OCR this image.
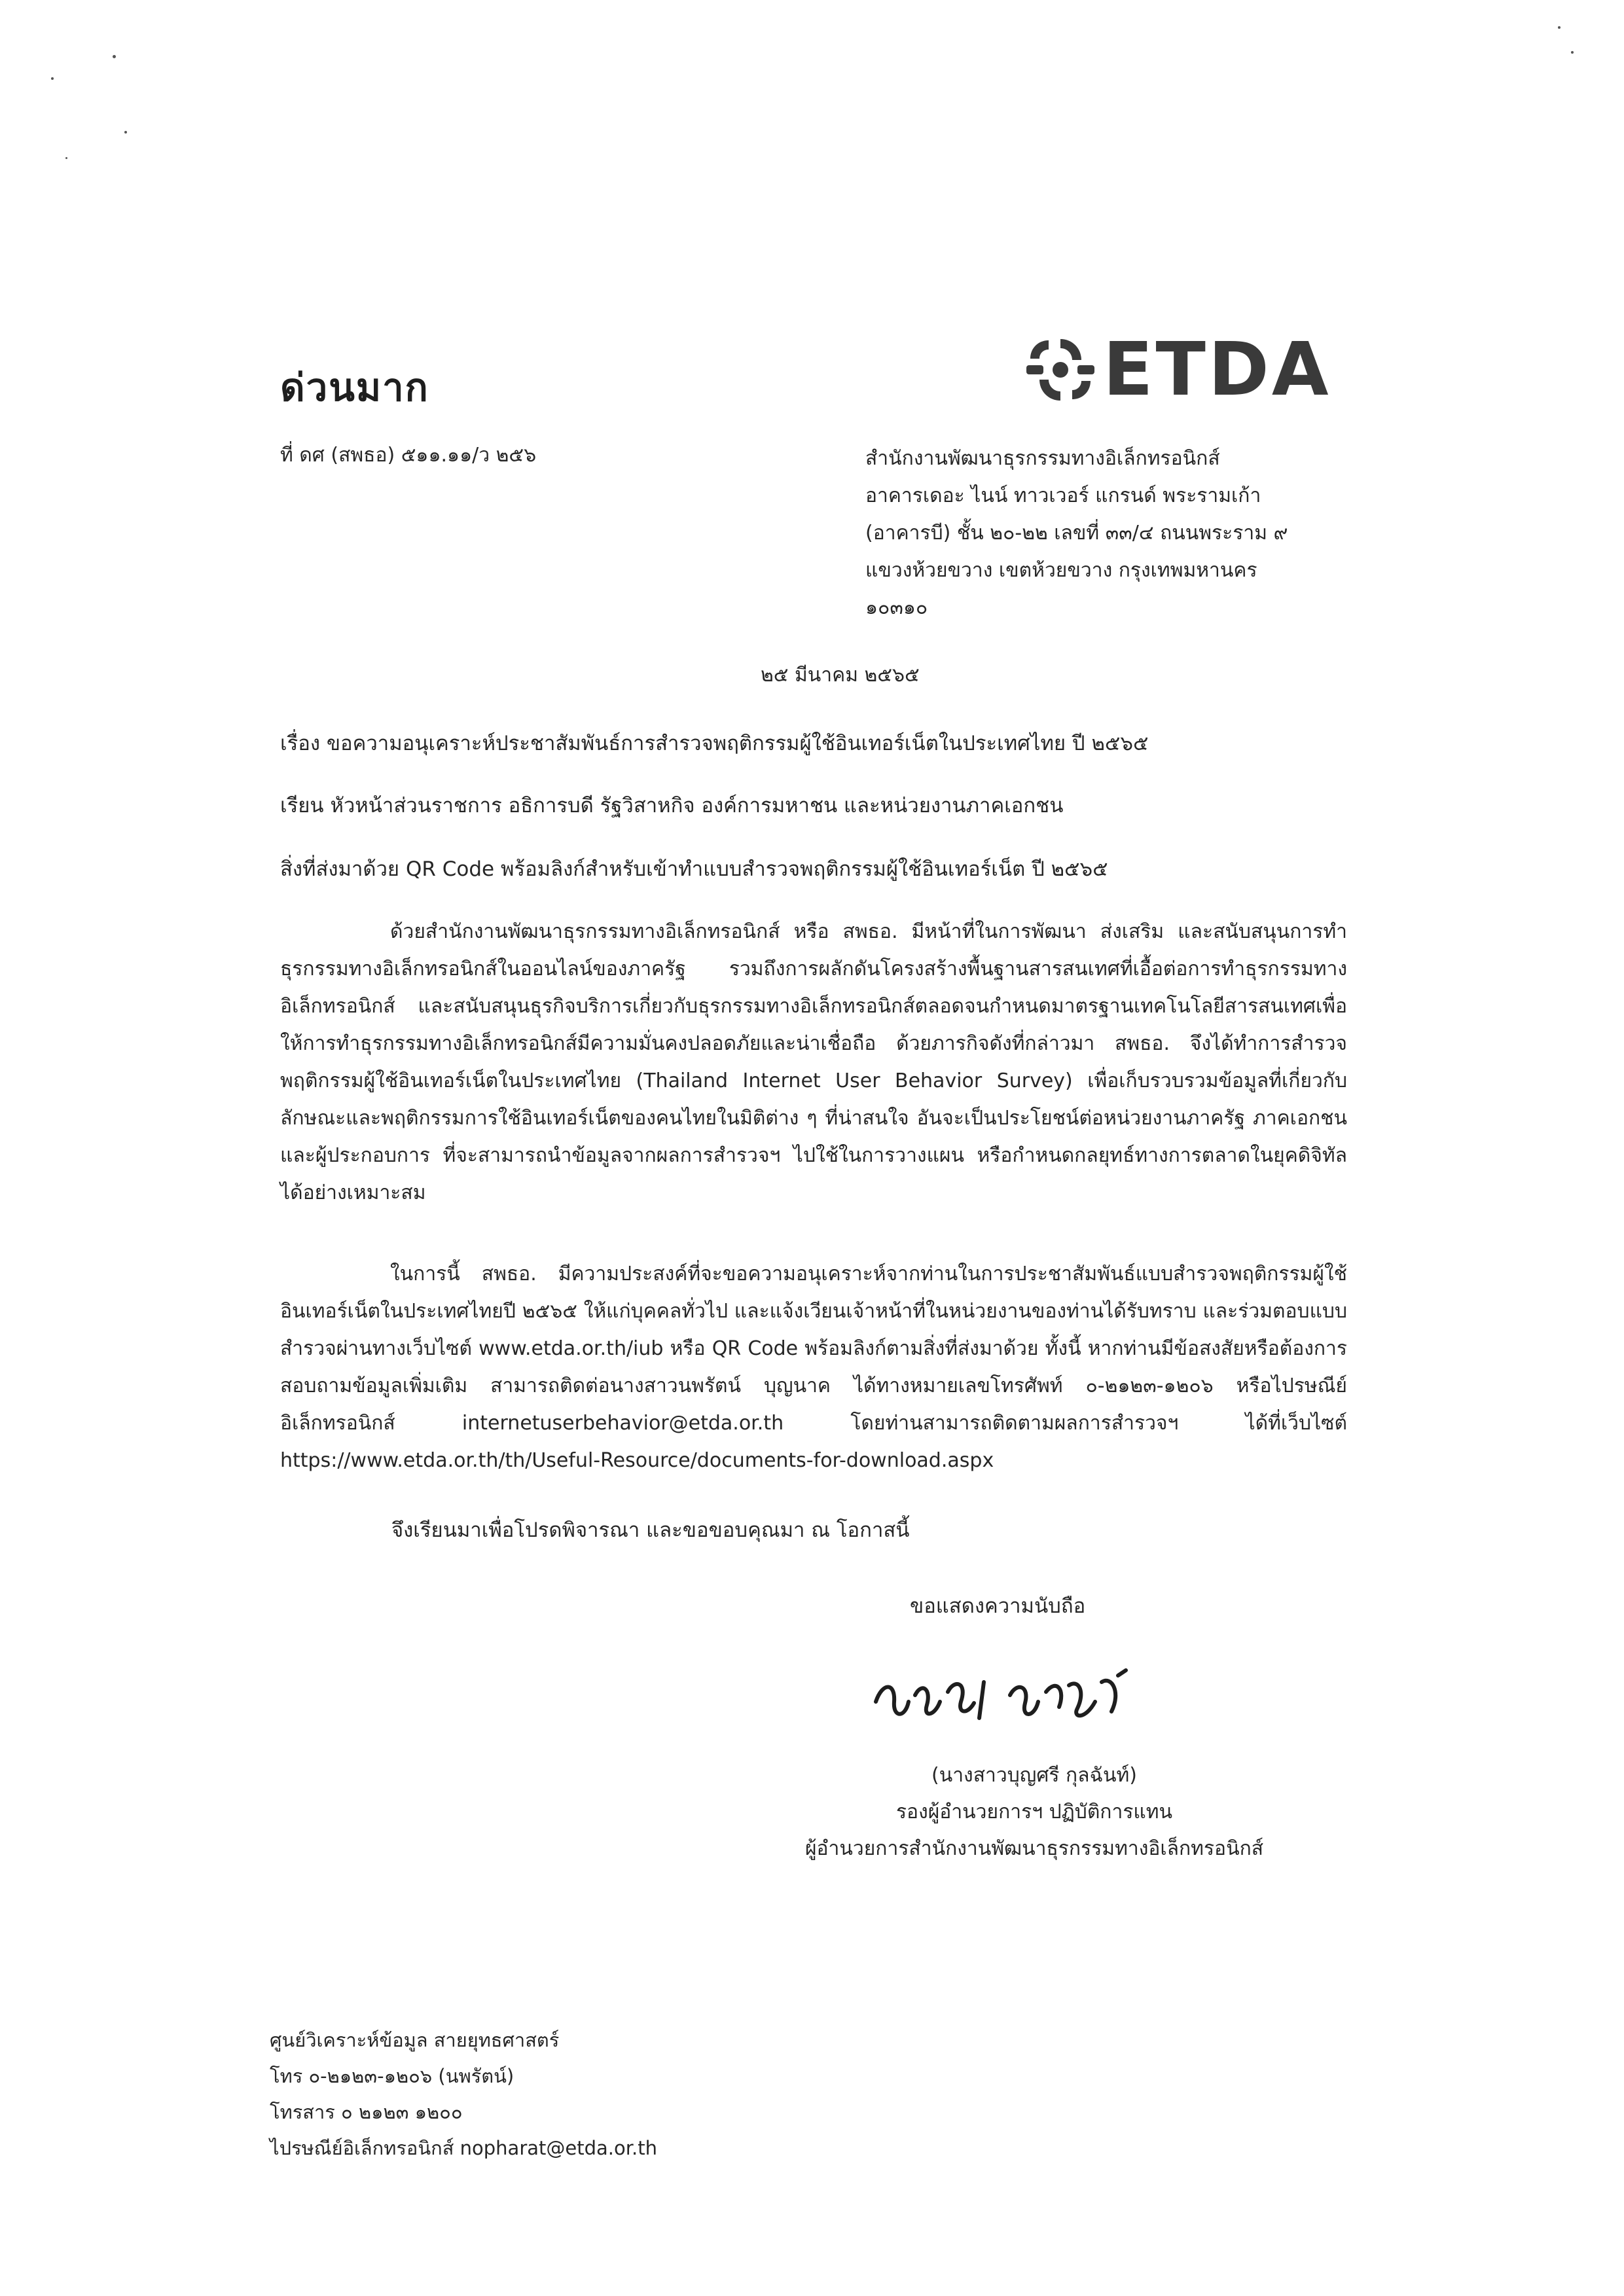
ด่วนมาก	ETDA
ที่ ดศ (สพธอ) ๕๑๑.๑๑/ว ๒๕๖	สำนักงานพัฒนาธุรกรรมทางอิเล็กทรอนิกส์
อาคารเดอะ ไนน์ ทาวเวอร์ แกรนด์ พระรามเก้า
(อาคารบี) ชั้น ๒๐-๒๒ เลขที่ ๓๓/๔ ถนนพระราม ๙
แขวงห้วยขวาง เขตห้วยขวาง กรุงเทพมหานคร
๑๐๓๑๐
๒๕ มีนาคม ๒๕๖๕
เรื่อง ขอความอนุเคราะห์ประชาสัมพันธ์การสำรวจพฤติกรรมผู้ใช้อินเทอร์เน็ตในประเทศไทย ปี ๒๕๖๕
เรียน หัวหน้าส่วนราชการ อธิการบดี รัฐวิสาหกิจ องค์การมหาชน และหน่วยงานภาคเอกชน
สิ่งที่ส่งมาด้วย QR Code พร้อมลิงก์สำหรับเข้าทำแบบสำรวจพฤติกรรมผู้ใช้อินเทอร์เน็ต ปี ๒๕๖๕
ด้วยสำนักงานพัฒนาธุรกรรมทางอิเล็กทรอนิกส์ หรือ สพธอ. มีหน้าที่ในการพัฒนา ส่งเสริม และสนับสนุนการทำธุรกรรมทางอิเล็กทรอนิกส์ในออนไลน์ของภาครัฐ รวมถึงการผลักดันโครงสร้างพื้นฐานสารสนเทศที่เอื้อต่อการทำธุรกรรมทางอิเล็กทรอนิกส์ และสนับสนุนธุรกิจบริการเกี่ยวกับธุรกรรมทางอิเล็กทรอนิกส์ตลอดจนกำหนดมาตรฐานเทคโนโลยีสารสนเทศเพื่อให้การทำธุรกรรมทางอิเล็กทรอนิกส์มีความมั่นคงปลอดภัยและน่าเชื่อถือ ด้วยภารกิจดังที่กล่าวมา สพธอ. จึงได้ทำการสำรวจพฤติกรรมผู้ใช้อินเทอร์เน็ตในประเทศไทย (Thailand Internet User Behavior Survey) เพื่อเก็บรวบรวมข้อมูลที่เกี่ยวกับลักษณะและพฤติกรรมการใช้อินเทอร์เน็ตของคนไทยในมิติต่าง ๆ ที่น่าสนใจ อันจะเป็นประโยชน์ต่อหน่วยงานภาครัฐ ภาคเอกชน และผู้ประกอบการ ที่จะสามารถนำข้อมูลจากผลการสำรวจฯ ไปใช้ในการวางแผน หรือกำหนดกลยุทธ์ทางการตลาดในยุคดิจิทัลได้อย่างเหมาะสม
ในการนี้ สพธอ. มีความประสงค์ที่จะขอความอนุเคราะห์จากท่านในการประชาสัมพันธ์แบบสำรวจพฤติกรรมผู้ใช้อินเทอร์เน็ตในประเทศไทยปี ๒๕๖๕ ให้แก่บุคคลทั่วไป และแจ้งเวียนเจ้าหน้าที่ในหน่วยงานของท่านได้รับทราบ และร่วมตอบแบบสำรวจผ่านทางเว็บไซต์ www.etda.or.th/iub หรือ QR Code พร้อมลิงก์ตามสิ่งที่ส่งมาด้วย ทั้งนี้ หากท่านมีข้อสงสัยหรือต้องการสอบถามข้อมูลเพิ่มเติม สามารถติดต่อนางสาวนพรัตน์ บุญนาค ได้ทางหมายเลขโทรศัพท์ ๐-๒๑๒๓-๑๒๐๖ หรือไปรษณีย์อิเล็กทรอนิกส์ internetuserbehavior@etda.or.th โดยท่านสามารถติดตามผลการสำรวจฯ ได้ที่เว็บไซต์ https://www.etda.or.th/th/Useful-Resource/documents-for-download.aspx
จึงเรียนมาเพื่อโปรดพิจารณา และขอขอบคุณมา ณ โอกาสนี้
ขอแสดงความนับถือ
(นางสาวบุญศรี กุลฉันท์)
รองผู้อำนวยการฯ ปฏิบัติการแทน
ผู้อำนวยการสำนักงานพัฒนาธุรกรรมทางอิเล็กทรอนิกส์
ศูนย์วิเคราะห์ข้อมูล สายยุทธศาสตร์
โทร ๐-๒๑๒๓-๑๒๐๖ (นพรัตน์)
โทรสาร ๐ ๒๑๒๓ ๑๒๐๐
ไปรษณีย์อิเล็กทรอนิกส์ nopharat@etda.or.th
